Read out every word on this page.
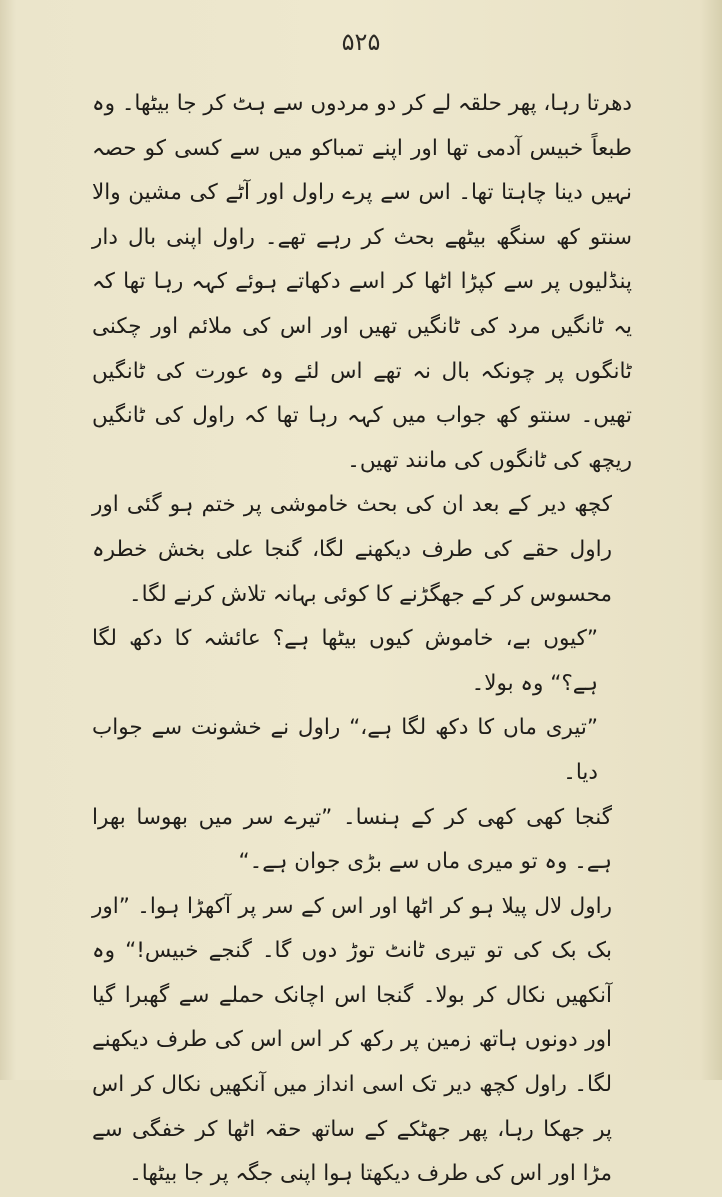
۵۲۵

دھرتا رہا، پھر حلقہ لے کر دو مردوں سے ہٹ کر جا بیٹھا۔ وہ طبعاً خبیس آدمی تھا اور اپنے تمباکو میں سے کسی کو حصہ نہیں دینا چاہتا تھا۔ اس سے پرے راول اور آٹے کی مشین والا سنتو کھ سنگھ بیٹھے بحث کر رہے تھے۔ راول اپنی بال دار پنڈلیوں پر سے کپڑا اٹھا کر اسے دکھاتے ہوئے کہہ رہا تھا کہ یہ ٹانگیں مرد کی ٹانگیں تھیں اور اس کی ملائم اور چکنی ٹانگوں پر چونکہ بال نہ تھے اس لئے وہ عورت کی ٹانگیں تھیں۔ سنتو کھ جواب میں کہہ رہا تھا کہ راول کی ٹانگیں ریچھ کی ٹانگوں کی مانند تھیں۔

کچھ دیر کے بعد ان کی بحث خاموشی پر ختم ہو گئی اور راول حقے کی طرف دیکھنے لگا، گنجا علی بخش خطرہ محسوس کر کے جھگڑنے کا کوئی بہانہ تلاش کرنے لگا۔

”کیوں بے، خاموش کیوں بیٹھا ہے؟ عائشہ کا دکھ لگا ہے؟“ وہ بولا۔

”تیری ماں کا دکھ لگا ہے،“ راول نے خشونت سے جواب دیا۔

گنجا کھی کھی کر کے ہنسا۔ ”تیرے سر میں بھوسا بھرا ہے۔ وہ تو میری ماں سے بڑی جوان ہے۔“

راول لال پیلا ہو کر اٹھا اور اس کے سر پر آکھڑا ہوا۔ ”اور بک بک کی تو تیری ٹانٹ توڑ دوں گا۔ گنجے خبیس!“ وہ آنکھیں نکال کر بولا۔ گنجا اس اچانک حملے سے گھبرا گیا اور دونوں ہاتھ زمین پر رکھ کر اس اس کی طرف دیکھنے لگا۔ راول کچھ دیر تک اسی انداز میں آنکھیں نکال کر اس پر جھکا رہا، پھر جھٹکے کے ساتھ حقہ اٹھا کر خفگی سے مڑا اور اس کی طرف دیکھتا ہوا اپنی جگہ پر جا بیٹھا۔
